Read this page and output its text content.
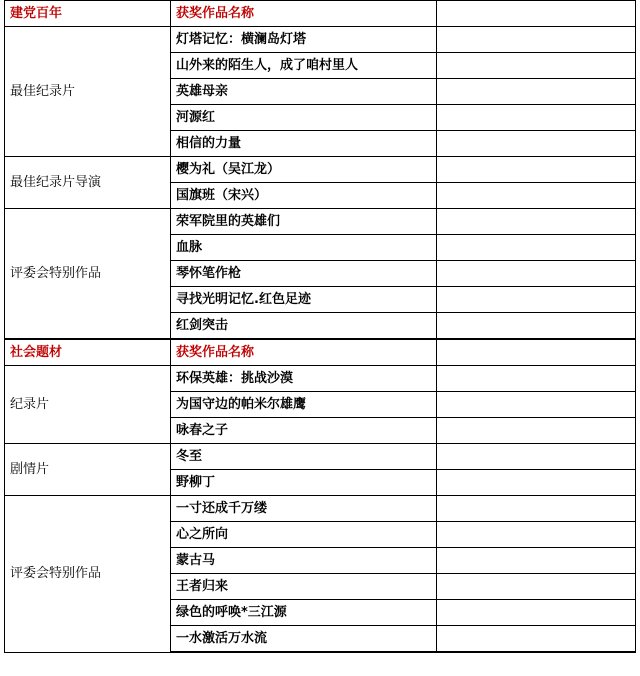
建党百年	获奖作品名称	
最佳纪录片	灯塔记忆：横澜岛灯塔	
	山外来的陌生人，成了咱村里人	
	英雄母亲	
	河源红	
	相信的力量	
最佳纪录片导演	樱为礼（吴江龙）	
	国旗班（宋兴）	
评委会特别作品	荣军院里的英雄们	
	血脉	
	琴怀笔作枪	
	寻找光明记忆.红色足迹	
	红剑突击	
社会题材	获奖作品名称	
纪录片	环保英雄：挑战沙漠	
	为国守边的帕米尔雄鹰	
	咏春之子	
剧情片	冬至	
	野柳丁	
评委会特别作品	一寸还成千万缕	
	心之所向	
	蒙古马	
	王者归来	
	绿色的呼唤*三江源	
	一水激活万水流	
